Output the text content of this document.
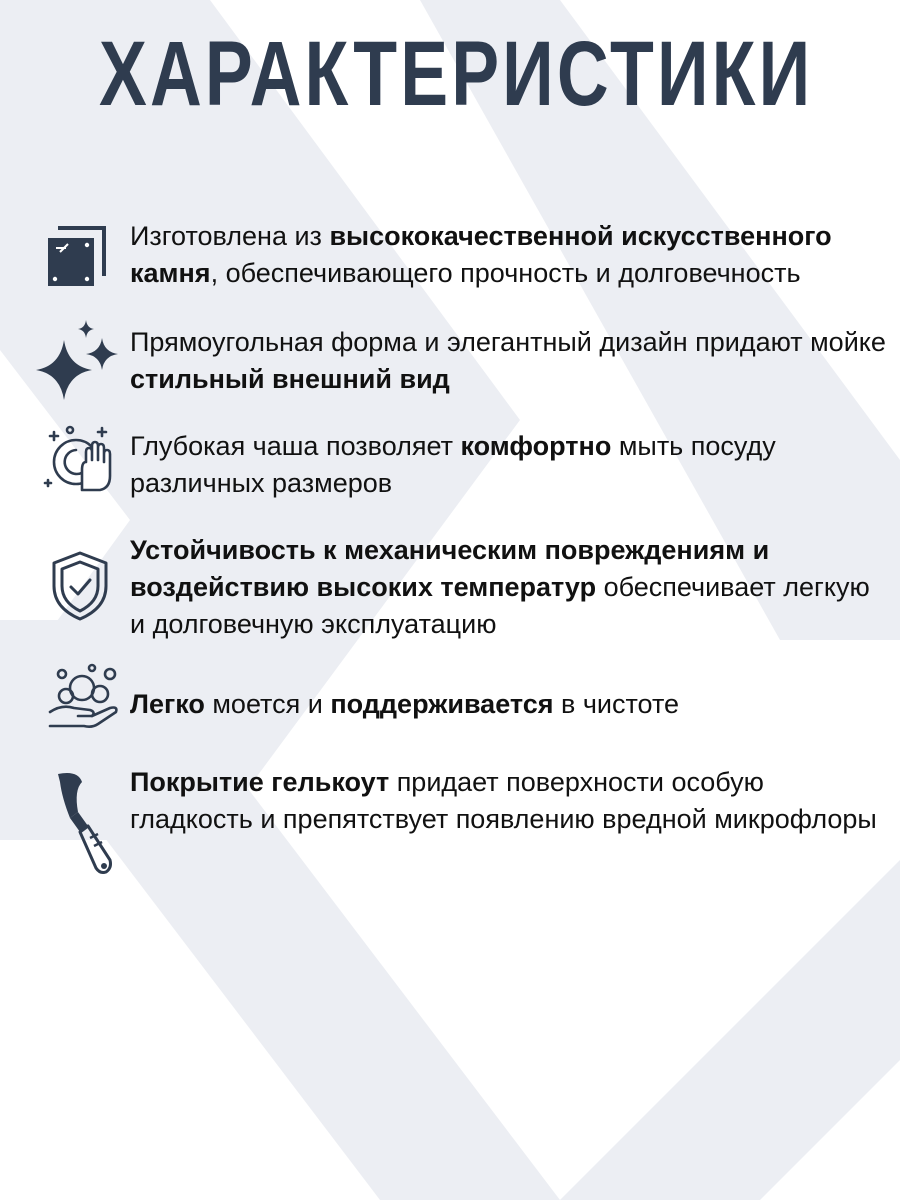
ХАРАКТЕРИСТИКИ
Изготовлена из высококачественной искусственного камня, обеспечивающего прочность и долговечность
Прямоугольная форма и элегантный дизайн придают мойке стильный внешний вид
Глубокая чаша позволяет комфортно мыть посуду различных размеров
Устойчивость к механическим повреждениям и воздействию высоких температур обеспечивает легкую и долговечную эксплуатацию
Легко моется и поддерживается в чистоте
Покрытие гелькоут придает поверхности особую гладкость и препятствует появлению вредной микрофлоры
